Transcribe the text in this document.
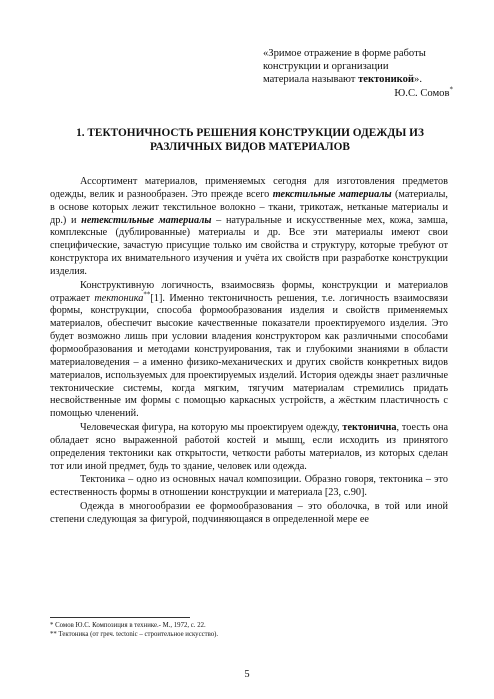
«Зримое отражение в форме работы
конструкции и организации
материала называют тектоникой».
Ю.С. Сомов*
1. ТЕКТОНИЧНОСТЬ РЕШЕНИЯ КОНСТРУКЦИИ ОДЕЖДЫ ИЗ
РАЗЛИЧНЫХ ВИДОВ МАТЕРИАЛОВ

Ассортимент материалов, применяемых сегодня для изготовления предметов одежды, велик и разнообразен. Это прежде всего текстильные материалы (материалы, в основе которых лежит текстильное волокно – ткани, трикотаж, нетканые материалы и др.) и нетекстильные материалы – натуральные и искусственные мех, кожа, замша, комплексные (дублированные) материалы и др. Все эти материалы имеют свои специфические, зачастую присущие только им свойства и структуру, которые требуют от конструктора их внимательного изучения и учёта их свойств при разработке конструкции изделия.

Конструктивную логичность, взаимосвязь формы, конструкции и материалов отражает тектоника**[1]. Именно тектоничность решения, т.е. логичность взаимосвязи формы, конструкции, способа формообразования изделия и свойств применяемых материалов, обеспечит высокие качественные показатели проектируемого изделия. Это будет возможно лишь при условии владения конструктором как различными способами формообразования и методами конструирования, так и глубокими знаниями в области материаловедения – а именно физико-механических и других свойств конкретных видов материалов, используемых для проектируемых изделий. История одежды знает различные тектонические системы, когда мягким, тягучим материалам стремились придать несвойственные им формы с помощью каркасных устройств, а жёстким пластичность с помощью членений.

Человеческая фигура, на которую мы проектируем одежду, тектонична, тоесть она обладает ясно выраженной работой костей и мышц, если исходить из принятого определения тектоники как открытости, четкости работы материалов, из которых сделан тот или иной предмет, будь то здание, человек или одежда.

Тектоника – одно из основных начал композиции. Образно говоря, тектоника – это естественность формы в отношении конструкции и материала [23, с.90].

Одежда в многообразии ее формообразования – это оболочка, в той или иной степени следующая за фигурой, подчиняющаяся в определенной мере ее

* Сомов Ю.С. Композиция в технике.- М., 1972, с. 22.
** Тектоника (от греч. tectonic – строительное искусство).
5
